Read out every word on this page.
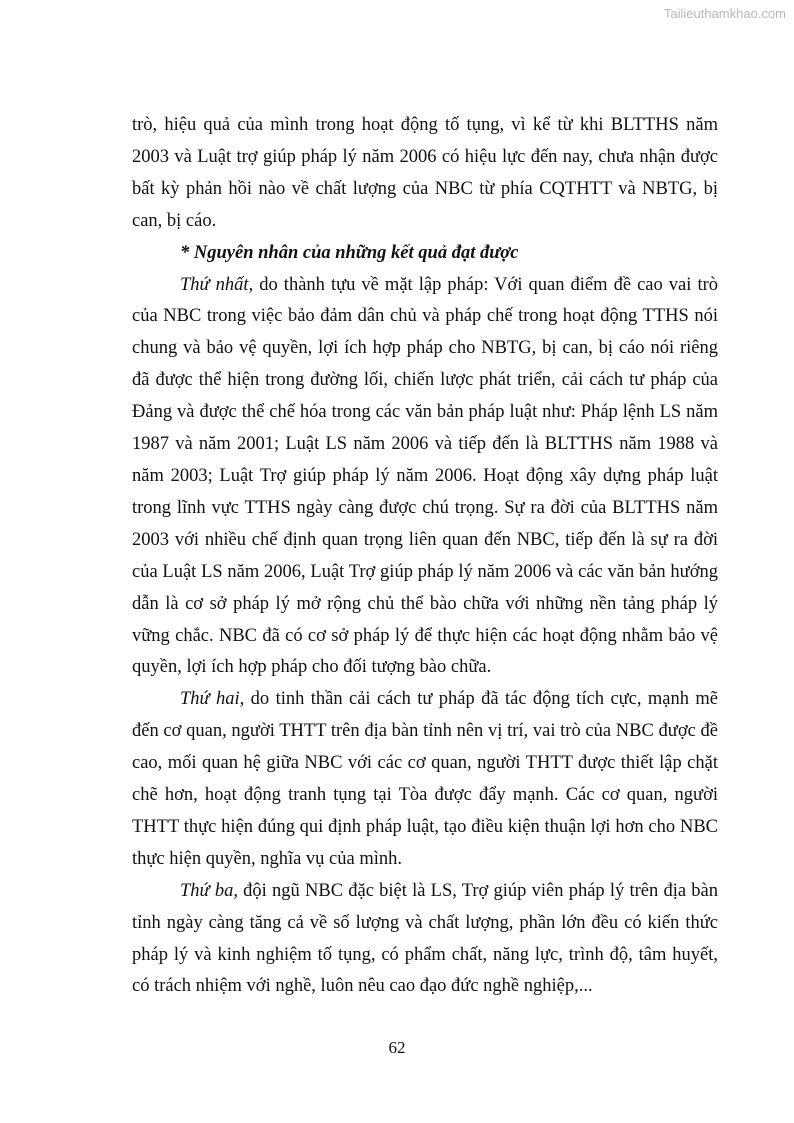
Tailieuthamkhao.com

trò, hiệu quả của mình trong hoạt động tố tụng, vì kể từ khi BLTTHS năm 2003 và Luật trợ giúp pháp lý năm 2006 có hiệu lực đến nay, chưa nhận được bất kỳ phản hồi nào về chất lượng của NBC từ phía CQTHTT và NBTG, bị can, bị cáo.

* Nguyên nhân của những kết quả đạt được

Thứ nhất, do thành tựu về mặt lập pháp: Với quan điểm đề cao vai trò của NBC trong việc bảo đảm dân chủ và pháp chế trong hoạt động TTHS nói chung và bảo vệ quyền, lợi ích hợp pháp cho NBTG, bị can, bị cáo nói riêng đã được thể hiện trong đường lối, chiến lược phát triển, cải cách tư pháp của Đảng và được thể chế hóa trong các văn bản pháp luật như: Pháp lệnh LS năm 1987 và năm 2001; Luật LS năm 2006 và tiếp đến là BLTTHS năm 1988 và năm 2003; Luật Trợ giúp pháp lý năm 2006. Hoạt động xây dựng pháp luật trong lĩnh vực TTHS ngày càng được chú trọng. Sự ra đời của BLTTHS năm 2003 với nhiều chế định quan trọng liên quan đến NBC, tiếp đến là sự ra đời của Luật LS năm 2006, Luật Trợ giúp pháp lý năm 2006 và các văn bản hướng dẫn là cơ sở pháp lý mở rộng chủ thể bào chữa với những nền tảng pháp lý vững chắc. NBC đã có cơ sở pháp lý để thực hiện các hoạt động nhằm bảo vệ quyền, lợi ích hợp pháp cho đối tượng bào chữa.

Thứ hai, do tinh thần cải cách tư pháp đã tác động tích cực, mạnh mẽ đến cơ quan, người THTT trên địa bàn tỉnh nên vị trí, vai trò của NBC được đề cao, mối quan hệ giữa NBC với các cơ quan, người THTT được thiết lập chặt chẽ hơn, hoạt động tranh tụng tại Tòa được đẩy mạnh. Các cơ quan, người THTT thực hiện đúng qui định pháp luật, tạo điều kiện thuận lợi hơn cho NBC thực hiện quyền, nghĩa vụ của mình.

Thứ ba, đội ngũ NBC đặc biệt là LS, Trợ giúp viên pháp lý trên địa bàn tỉnh ngày càng tăng cả về số lượng và chất lượng, phần lớn đều có kiến thức pháp lý và kinh nghiệm tố tụng, có phẩm chất, năng lực, trình độ, tâm huyết, có trách nhiệm với nghề, luôn nêu cao đạo đức nghề nghiệp,...

62
